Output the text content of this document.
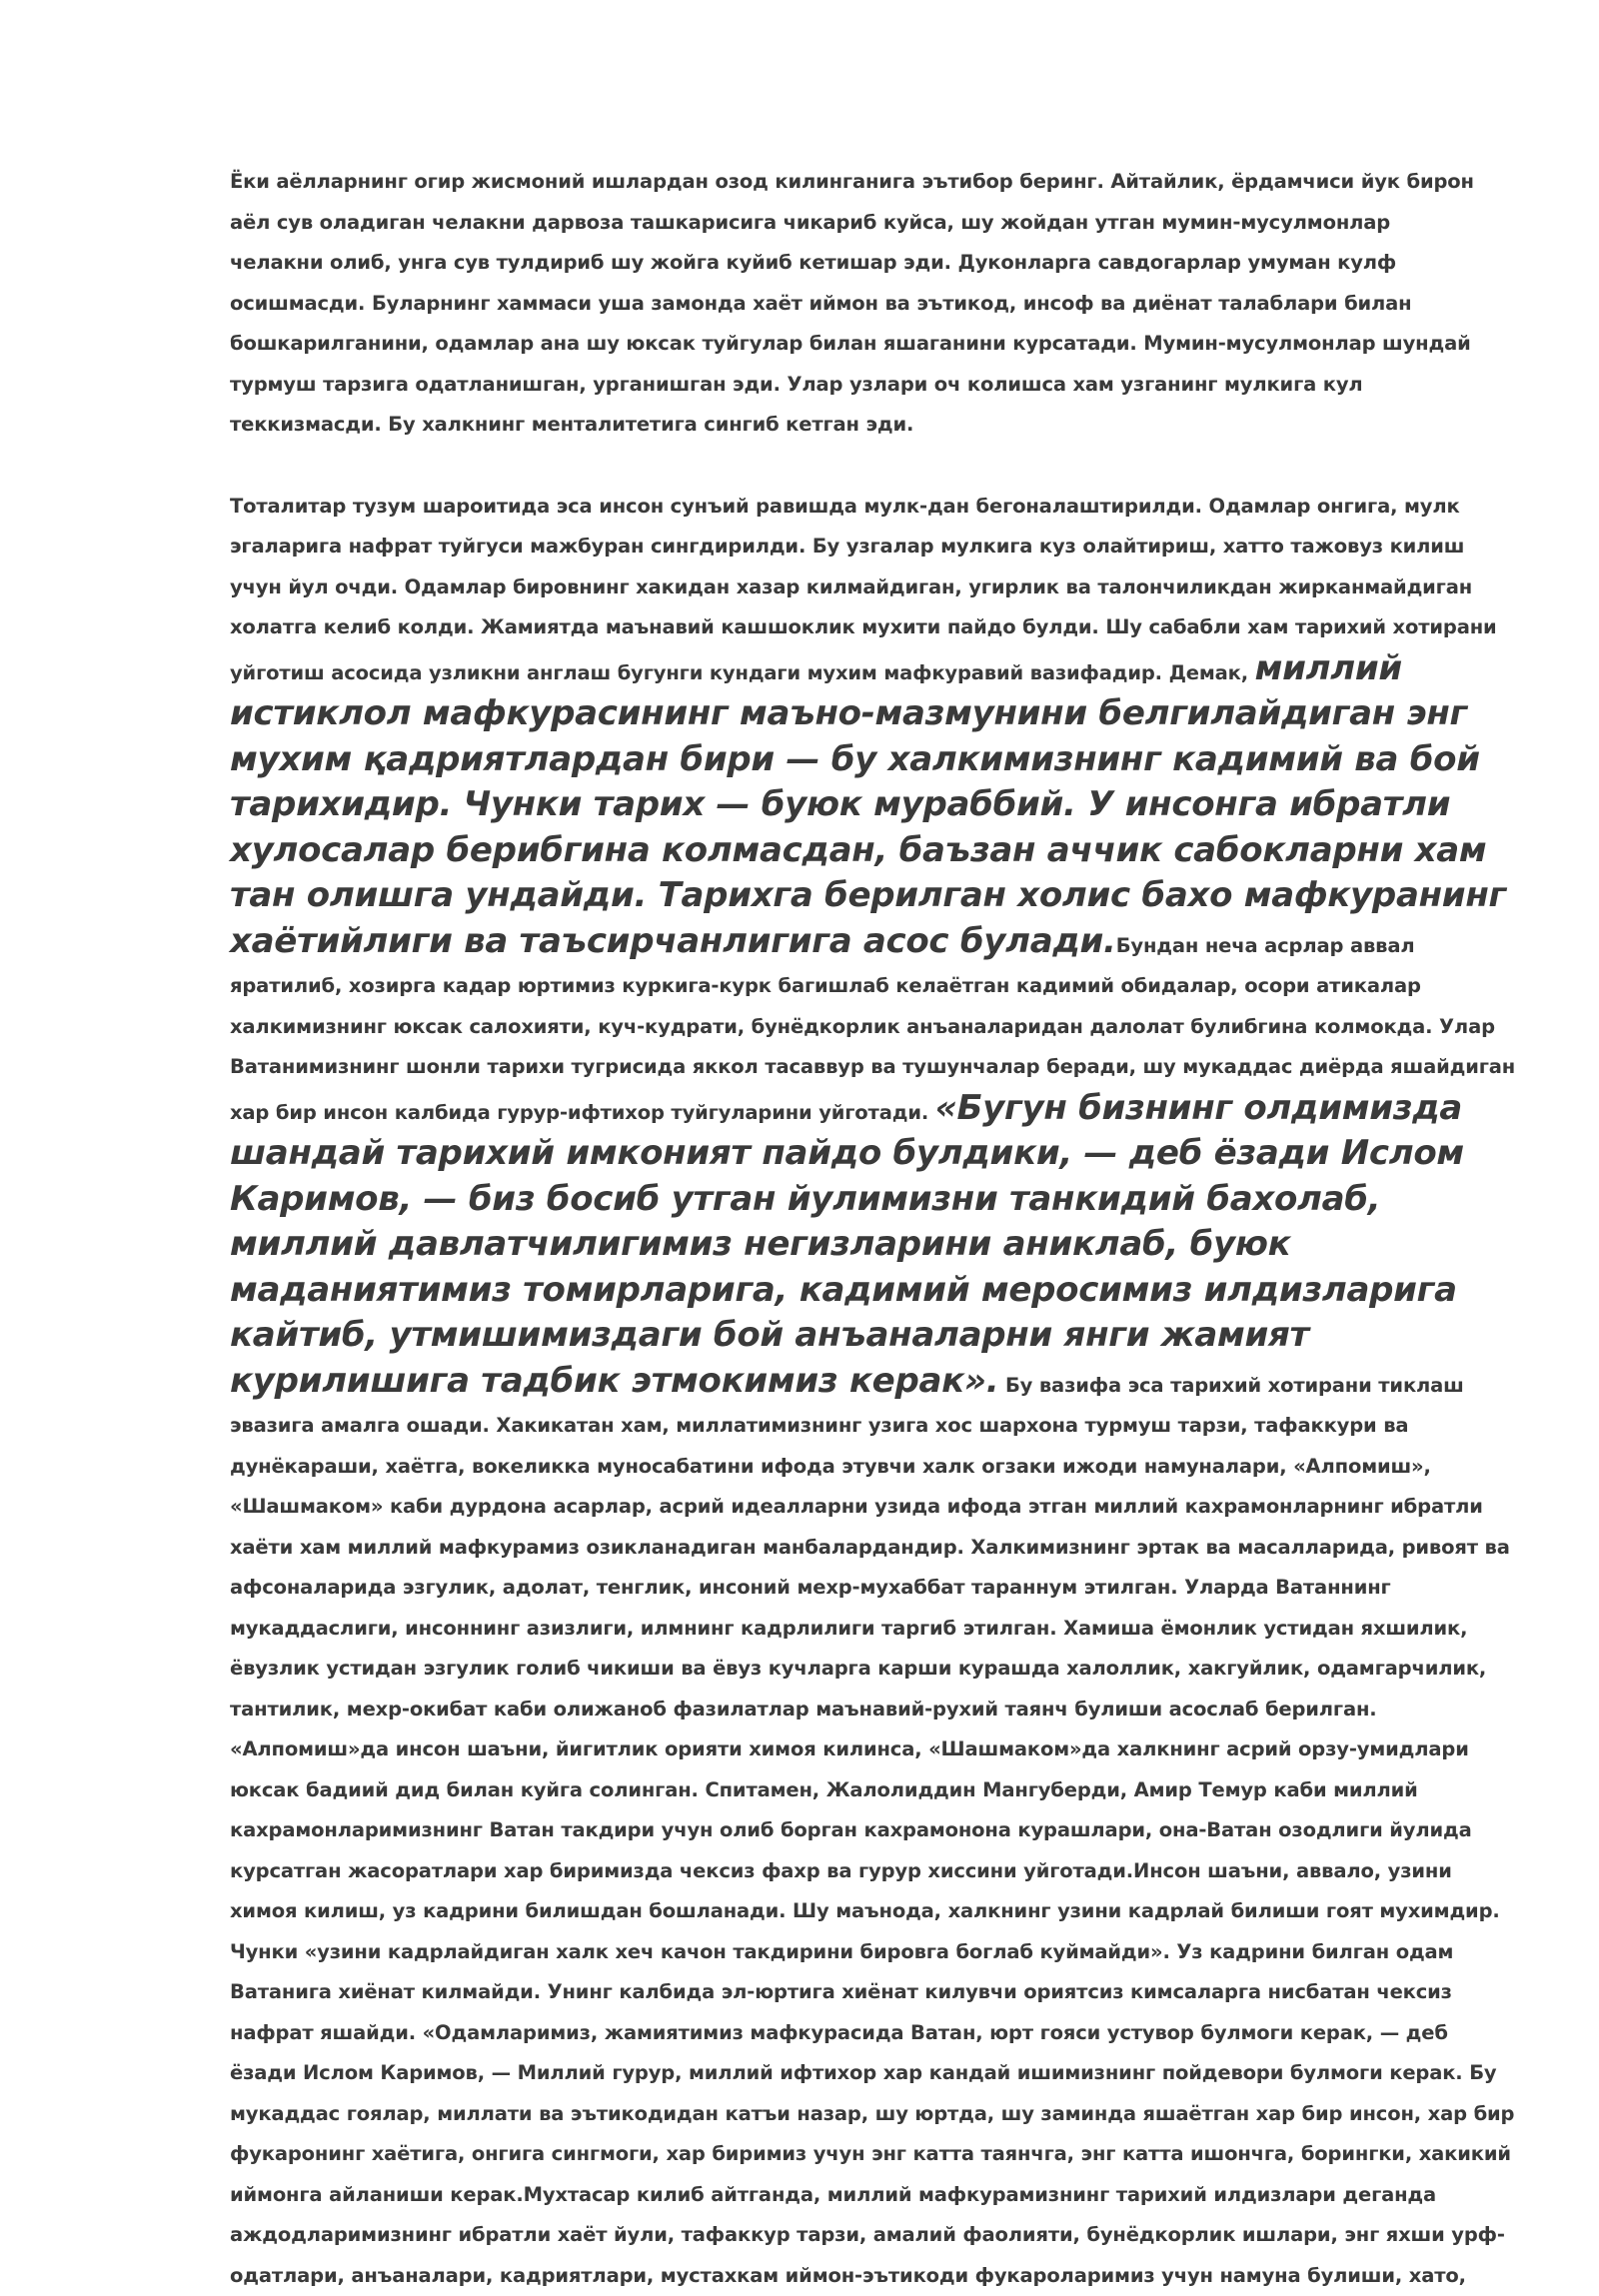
Ёки аёлларнинг огир жисмоний ишлардан озод килинганига эътибор беринг. Айтайлик, ёрдамчиси йук бирон аёл сув оладиган челакни дарвоза ташкарисига чикариб куйса, шу жойдан утган мумин-мусулмонлар челакни олиб, унга сув тулдириб шу жойга куйиб кетишар эди. Дуконларга савдогарлар умуман кулф осишмасди. Буларнинг хаммаси уша замонда хаёт иймон ва эътикод, инсоф ва диёнат талаблари билан бошкарилганини, одамлар ана шу юксак туйгулар билан яшаганини курсатади. Мумин-мусулмонлар шундай турмуш тарзига одатланишган, урганишган эди. Улар узлари оч колишса хам узганинг мулкига кул теккизмасди. Бу халкнинг менталитетига сингиб кетган эди.

Тоталитар тузум шароитида эса инсон сунъий равишда мулк-дан бегоналаштирилди. Одамлар онгига, мулк эгаларига нафрат туйгуси мажбуран сингдирилди. Бу узгалар мулкига куз олайтириш, хатто тажовуз килиш учун йул очди. Одамлар бировнинг хакидан хазар килмайдиган, угирлик ва талончиликдан жирканмайдиган холатга келиб колди. Жамиятда маънавий кашшоклик мухити пайдо булди. Шу сабабли хам тарихий хотирани уйготиш асосида узликни англаш бугунги кундаги мухим мафкуравий вазифадир. Демак, миллий истиклол мафкурасининг маъно-мазмунини белгилайдиган энг мухим қадриятлардан бири — бу халкимизнинг кадимий ва бой тарихидир. Чунки тарих — буюк мураббий. У инсонга ибратли хулосалар берибгина колмасдан, баъзан аччик сабокларни хам тан олишга ундайди. Тарихга берилган холис бахо мафкуранинг хаётийлиги ва таъсирчанлигига асос булади.Бундан неча асрлар аввал яратилиб, хозирга кадар юртимиз куркига-курк багишлаб келаётган кадимий обидалар, осори атикалар халкимизнинг юксак салохияти, куч-кудрати, бунёдкорлик анъаналаридан далолат булибгина колмокда. Улар Ватанимизнинг шонли тарихи тугрисида яккол тасаввур ва тушунчалар беради, шу мукаддас диёрда яшайдиган хар бир инсон калбида гурур-ифтихор туйгуларини уйготади. «Бугун бизнинг олдимизда шандай тарихий имконият пайдо булдики, — деб ёзади Ислом Каримов, — биз босиб утган йулимизни танкидий бахолаб, миллий давлатчилигимиз негизларини аниклаб, буюк маданиятимиз томирларига, кадимий меросимиз илдизларига кайтиб, утмишимиздаги бой анъаналарни янги жамият курилишига тадбик этмокимиз керак». Бу вазифа эса тарихий хотирани тиклаш эвазига амалга ошади. Хакикатан хам, миллатимизнинг узига хос шархона турмуш тарзи, тафаккури ва дунёкараши, хаётга, вокеликка муносабатини ифода этувчи халк огзаки ижоди намуналари, «Алпомиш», «Шашмаком» каби дурдона асарлар, асрий идеалларни узида ифода этган миллий кахрамонларнинг ибратли хаёти хам миллий мафкурамиз озикланадиган манбалардандир. Халкимизнинг эртак ва масалларида, ривоят ва афсоналарида эзгулик, адолат, тенглик, инсоний мехр-мухаббат тараннум этилган. Уларда Ватаннинг мукаддаслиги, инсоннинг азизлиги, илмнинг кадрлилиги таргиб этилган. Хамиша ёмонлик устидан яхшилик, ёвузлик устидан эзгулик голиб чикиши ва ёвуз кучларга карши курашда халоллик, хакгуйлик, одамгарчилик, тантилик, мехр-окибат каби олижаноб фазилатлар маънавий-рухий таянч булиши асослаб берилган. «Алпомиш»да инсон шаъни, йигитлик орияти химоя килинса, «Шашмаком»да халкнинг асрий орзу-умидлари юксак бадиий дид билан куйга солинган. Спитамен, Жалолиддин Мангуберди, Амир Темур каби миллий кахрамонларимизнинг Ватан такдири учун олиб борган кахрамонона курашлари, она-Ватан озодлиги йулида курсатган жасоратлари хар биримизда чексиз фахр ва гурур хиссини уйготади.Инсон шаъни, аввало, узини химоя килиш, уз кадрини билишдан бошланади. Шу маънода, халкнинг узини кадрлай билиши гоят мухимдир. Чунки «узини кадрлайдиган халк хеч качон такдирини бировга боглаб куймайди». Уз кадрини билган одам Ватанига хиёнат килмайди. Унинг калбида эл-юртига хиёнат килувчи ориятсиз кимсаларга нисбатан чексиз нафрат яшайди. «Одамларимиз, жамиятимиз мафкурасида Ватан, юрт гояси устувор булмоги керак, — деб ёзади Ислом Каримов, — Миллий гурур, миллий ифтихор хар кандай ишимизнинг пойдевори булмоги керак. Бу мукаддас гоялар, миллати ва эътикодидан катъи назар, шу юртда, шу заминда яшаётган хар бир инсон, хар бир фукаронинг хаётига, онгига сингмоги, хар биримиз учун энг катта таянчга, энг катта ишончга, борингки, хакикий иймонга айланиши керак.Мухтасар килиб айтганда, миллий мафкурамизнинг тарихий илдизлари деганда аждодларимизнинг ибратли хаёт йули, тафаккур тарзи, амалий фаолияти, бунёдкорлик ишлари, энг яхши урф-одатлари, анъаналари, кадриятлари, мустахкам иймон-эътикоди фукароларимиз учун намуна булиши, хато,
